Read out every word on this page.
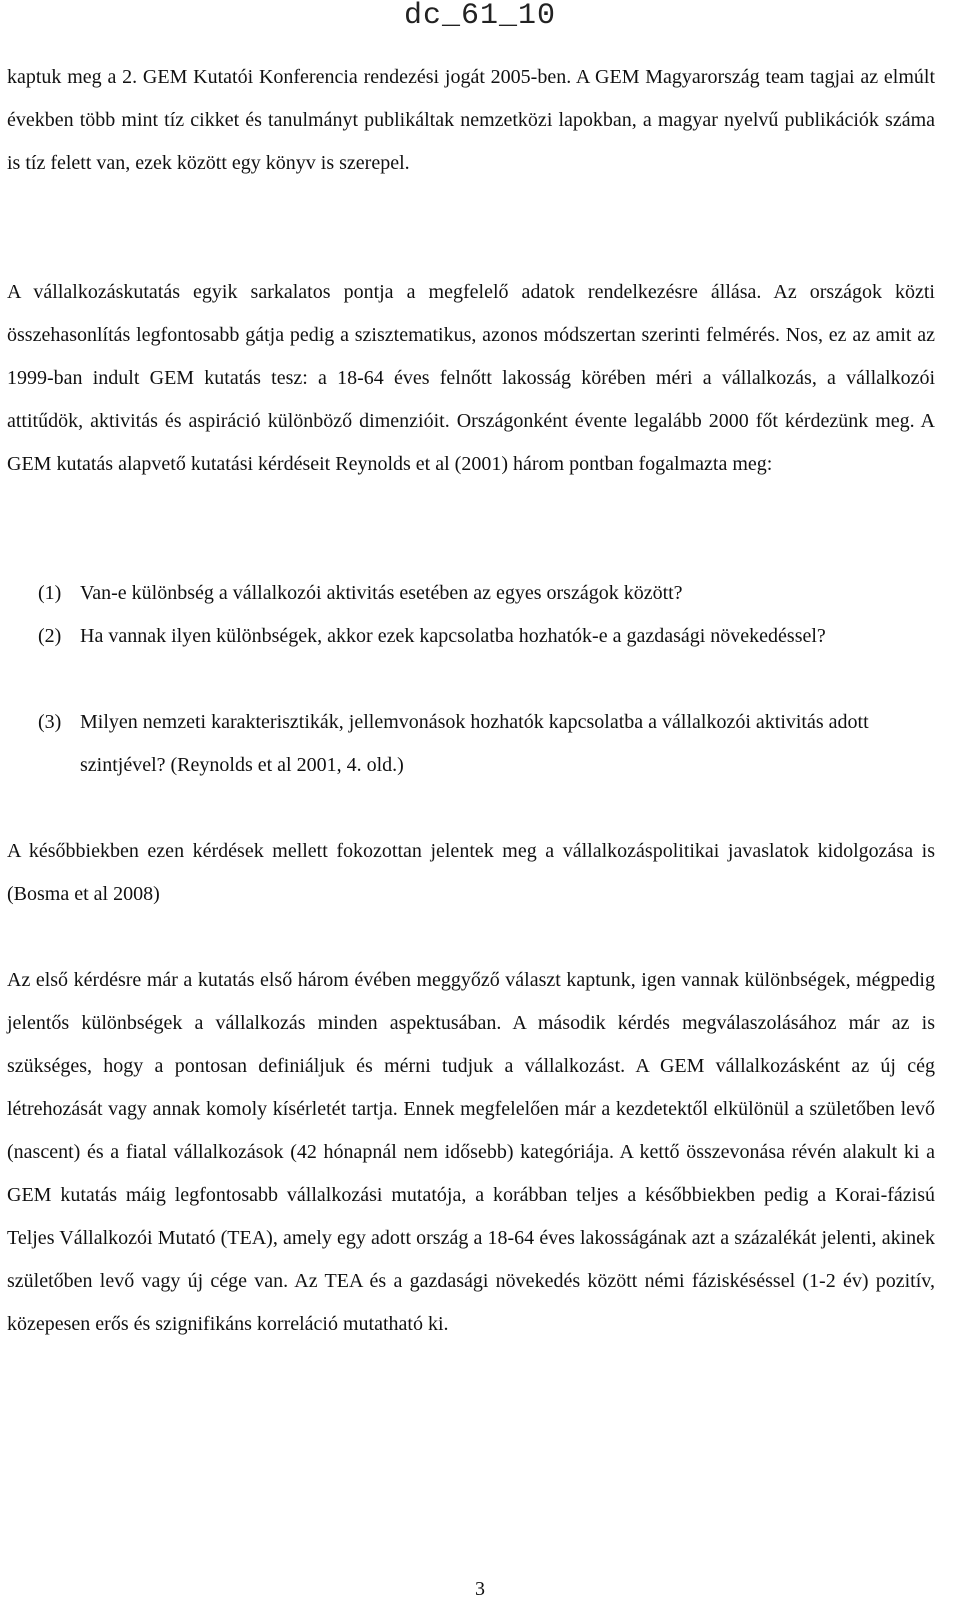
dc_61_10
kaptuk meg a 2. GEM Kutatói Konferencia rendezési jogát 2005-ben. A GEM Magyarország team tagjai az elmúlt években több mint tíz cikket és tanulmányt publikáltak nemzetközi lapokban, a magyar nyelvű publikációk száma is tíz felett van, ezek között egy könyv is szerepel.
A vállalkozáskutatás egyik sarkalatos pontja a megfelelő adatok rendelkezésre állása. Az országok közti összehasonlítás legfontosabb gátja pedig a szisztematikus, azonos módszertan szerinti felmérés. Nos, ez az amit az 1999-ban indult GEM kutatás tesz: a 18-64 éves felnőtt lakosság körében méri a vállalkozás, a vállalkozói attitűdök, aktivitás és aspiráció különböző dimenzióit. Országonként évente legalább 2000 főt kérdezünk meg. A GEM kutatás alapvető kutatási kérdéseit Reynolds et al (2001) három pontban fogalmazta meg:
(1) Van-e különbség a vállalkozói aktivitás esetében az egyes országok között?
(2) Ha vannak ilyen különbségek, akkor ezek kapcsolatba hozhatók-e a gazdasági növekedéssel?
(3) Milyen nemzeti karakterisztikák, jellemvonások hozhatók kapcsolatba a vállalkozói aktivitás adott szintjével? (Reynolds et al 2001, 4. old.)
A későbbiekben ezen kérdések mellett fokozottan jelentek meg a vállalkozáspolitikai javaslatok kidolgozása is (Bosma et al 2008)
Az első kérdésre már a kutatás első három évében meggyőző választ kaptunk, igen vannak különbségek, mégpedig jelentős különbségek a vállalkozás minden aspektusában. A második kérdés megválaszolásához már az is szükséges, hogy a pontosan definiáljuk és mérni tudjuk a vállalkozást. A GEM vállalkozásként az új cég létrehozását vagy annak komoly kísérletét tartja. Ennek megfelelően már a kezdetektől elkülönül a születőben levő (nascent) és a fiatal vállalkozások (42 hónapnál nem idősebb) kategóriája. A kettő összevonása révén alakult ki a GEM kutatás máig legfontosabb vállalkozási mutatója, a korábban teljes a későbbiekben pedig a Korai-fázisú Teljes Vállalkozói Mutató (TEA), amely egy adott ország a 18-64 éves lakosságának azt a százalékát jelenti, akinek születőben levő vagy új cége van. Az TEA és a gazdasági növekedés között némi fáziskéséssel (1-2 év) pozitív, közepesen erős és szignifikáns korreláció mutatható ki.
3
